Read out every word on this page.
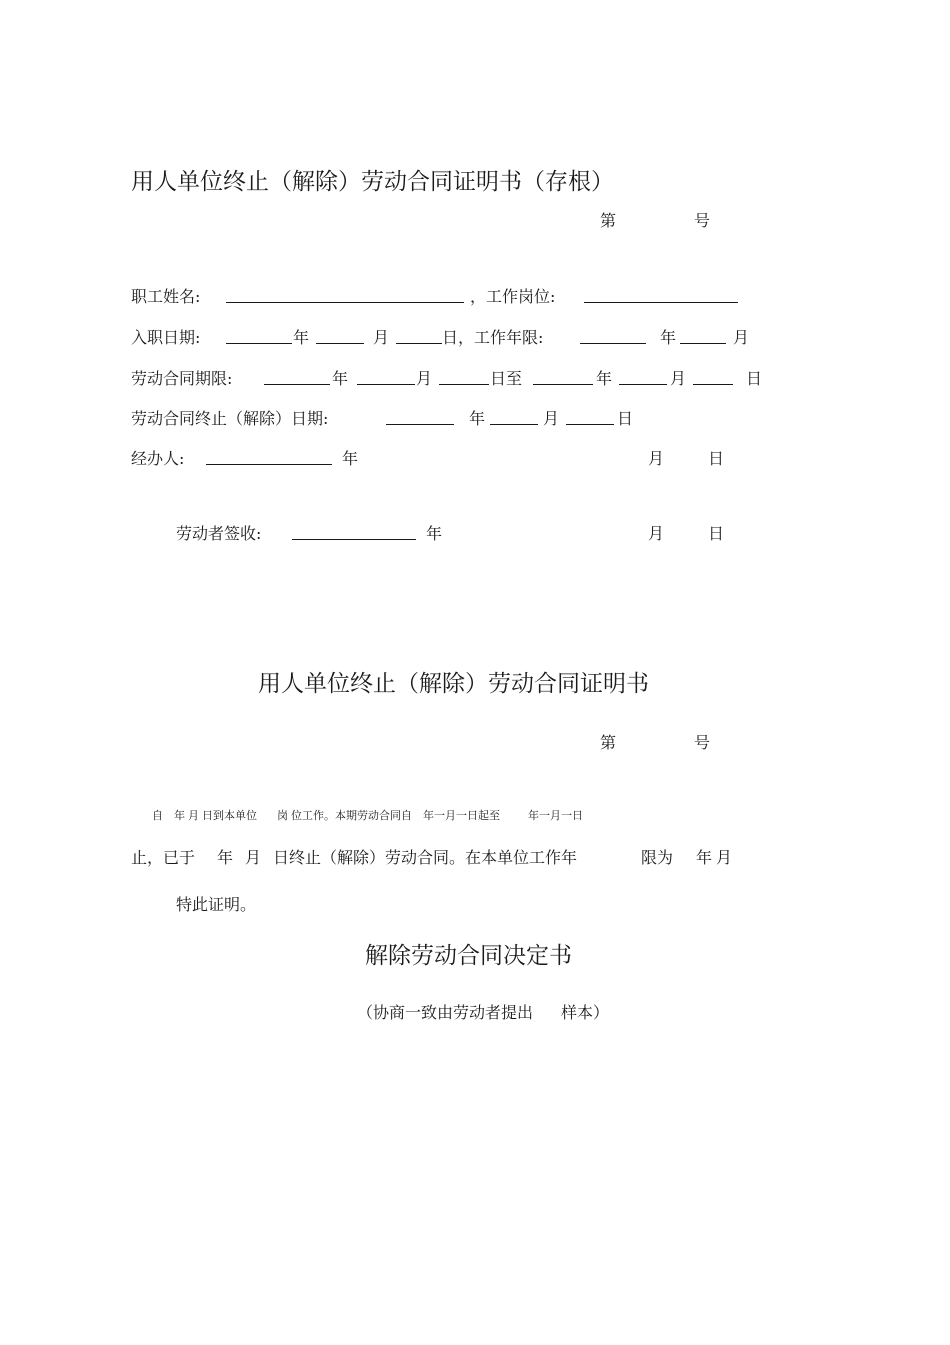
用人单位终止（解除）劳动合同证明书（存根）
第	号
职工姓名:	，工作岗位:
入职日期:	年	月	日，工作年限:	年	月
劳动合同期限:	年	月	日至	年	月	日
劳动合同终止（解除）日期:	年	月	日
经办人:	年	月	日
劳动者签收:	年	月	日
用人单位终止（解除）劳动合同证明书
第	号
自 年 月 日到本单位 岗 位工作。本期劳动合同自 年一月一日起至	年一月一日
止，已于 年 月 日终止（解除）劳动合同。在本单位工作年	限为 年 月
特此证明。
解除劳动合同决定书
（协商一致由劳动者提出 样本）
